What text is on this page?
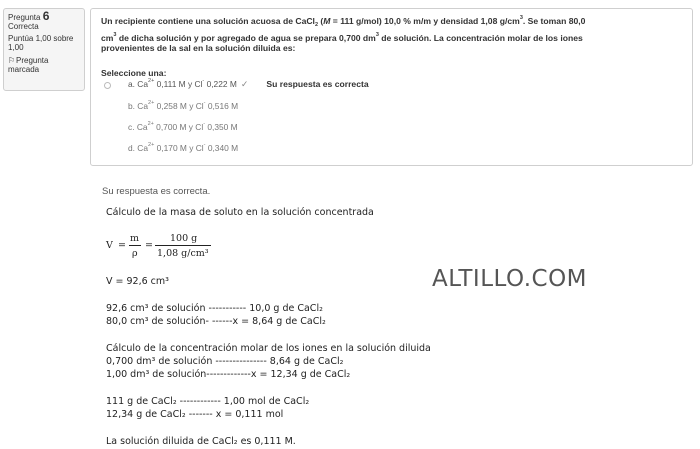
Pregunta 6
Correcta
Puntúa 1,00 sobre
1,00
⚐Pregunta
marcada
Un recipiente contiene una solución acuosa de CaCl$_2$ (M = 111 g/mol) 10,0 % m/m y densidad 1,08 $g/cm^3$. Se toman 80,0
$cm^3$ de dicha solución y por agregado de agua se prepara 0,700 $dm^3$ de solución. La concentración molar de los iones
provenientes de la sal en la solución diluida es:
Seleccione una:
a. $Ca^{2+}$ 0,111 M y Cl- 0,222 M ✓ Su respuesta es correcta
b. $Ca^{2+}$ 0,258 M y Cl- 0,516 M
c. $Ca^{2+}$ 0,700 M y Cl- 0,350 M
d. $Ca^{2+}$ 0,170 M y Cl- 0,340 M
Su respuesta es correcta.
Cálculo de la masa de soluto en la solución concentrada
V =
m
ρ
=
100 g
1,08 g/cm³
V = 92,6 cm³
92,6 cm³ de solución ----------- 10,0 g de CaCl₂
80,0 cm³ de solución- ------x = 8,64 g de CaCl₂
Cálculo de la concentración molar de los iones en la solución diluida
0,700 dm³ de solución --------------- 8,64 g de CaCl₂
1,00 dm³ de solución-------------x = 12,34 g de CaCl₂
111 g de CaCl₂ ------------ 1,00 mol de CaCl₂
12,34 g de CaCl₂ ------- x = 0,111 mol
La solución diluida de CaCl₂ es 0,111 M.
ALTILLO.COM
